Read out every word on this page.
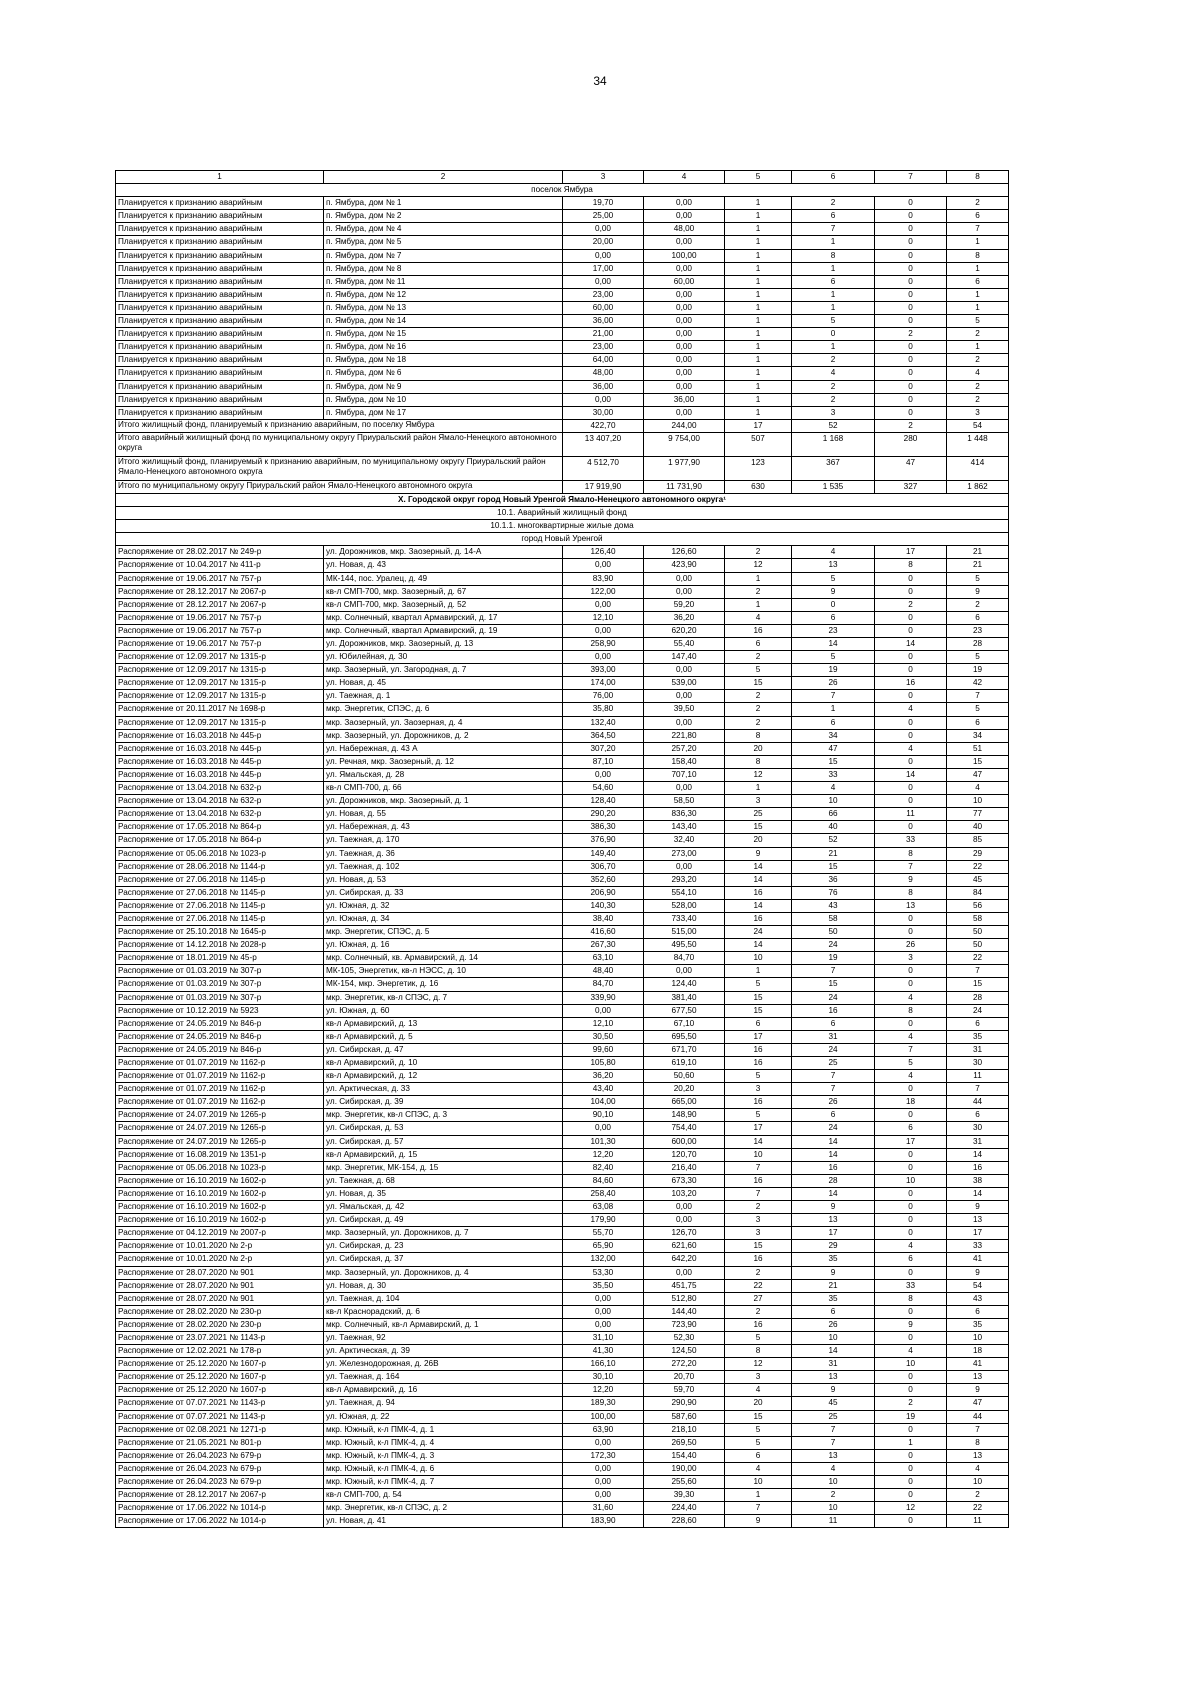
34
1	2	3	4	5	6	7	8
поселок Ямбура							
Планируется к признанию аварийным	п. Ямбура, дом № 1	19,70	0,00	1	2	0	2
Планируется к признанию аварийным	п. Ямбура, дом № 2	25,00	0,00	1	6	0	6
Планируется к признанию аварийным	п. Ямбура, дом № 4	0,00	48,00	1	7	0	7
Планируется к признанию аварийным	п. Ямбура, дом № 5	20,00	0,00	1	1	0	1
Планируется к признанию аварийным	п. Ямбура, дом № 7	0,00	100,00	1	8	0	8
Планируется к признанию аварийным	п. Ямбура, дом № 8	17,00	0,00	1	1	0	1
Планируется к признанию аварийным	п. Ямбура, дом № 11	0,00	60,00	1	6	0	6
Планируется к признанию аварийным	п. Ямбура, дом № 12	23,00	0,00	1	1	0	1
Планируется к признанию аварийным	п. Ямбура, дом № 13	60,00	0,00	1	1	0	1
Планируется к признанию аварийным	п. Ямбура, дом № 14	36,00	0,00	1	5	0	5
Планируется к признанию аварийным	п. Ямбура, дом № 15	21,00	0,00	1	0	2	2
Планируется к признанию аварийным	п. Ямбура, дом № 16	23,00	0,00	1	1	0	1
Планируется к признанию аварийным	п. Ямбура, дом № 18	64,00	0,00	1	2	0	2
Планируется к признанию аварийным	п. Ямбура, дом № 6	48,00	0,00	1	4	0	4
Планируется к признанию аварийным	п. Ямбура, дом № 9	36,00	0,00	1	2	0	2
Планируется к признанию аварийным	п. Ямбура, дом № 10	0,00	36,00	1	2	0	2
Планируется к признанию аварийным	п. Ямбура, дом № 17	30,00	0,00	1	3	0	3
Итого жилищный фонд, планируемый к признанию аварийным, по поселку Ямбура		422,70	244,00	17	52	2	54
Итого аварийный жилищный фонд по муниципальному округу Приуральский район Ямало-Ненецкого автономного округа		13 407,20	9 754,00	507	1 168	280	1 448
Итого жилищный фонд, планируемый к признанию аварийным, по муниципальному округу Приуральский район Ямало-Ненецкого автономного округа		4 512,70	1 977,90	123	367	47	414
Итого по муниципальному округу Приуральский район Ямало-Ненецкого автономного округа		17 919,90	11 731,90	630	1 535	327	1 862
X. Городской округ город Новый Уренгой Ямало-Ненецкого автономного округа¹							
10.1. Аварийный жилищный фонд							
10.1.1. многоквартирные жилые дома							
город Новый Уренгой							
Распоряжение от 28.02.2017 № 249-р	ул. Дорожников, мкр. Заозерный, д. 14-А	126,40	126,60	2	4	17	21
Распоряжение от 10.04.2017 № 411-р	ул. Новая, д. 43	0,00	423,90	12	13	8	21
Распоряжение от 19.06.2017 № 757-р	МК-144, пос. Уралец, д. 49	83,90	0,00	1	5	0	5
Распоряжение от 28.12.2017 № 2067-р	кв-л СМП-700, мкр. Заозерный, д. 67	122,00	0,00	2	9	0	9
Распоряжение от 28.12.2017 № 2067-р	кв-л СМП-700, мкр. Заозерный, д. 52	0,00	59,20	1	0	2	2
Распоряжение от 19.06.2017 № 757-р	мкр. Солнечный, квартал Армавирский, д. 17	12,10	36,20	4	6	0	6
Распоряжение от 19.06.2017 № 757-р	мкр. Солнечный, квартал Армавирский, д. 19	0,00	620,20	16	23	0	23
Распоряжение от 19.06.2017 № 757-р	ул. Дорожников, мкр. Заозерный, д. 13	258,90	55,40	6	14	14	28
Распоряжение от 12.09.2017 № 1315-р	ул. Юбилейная, д. 30	0,00	147,40	2	5	0	5
Распоряжение от 12.09.2017 № 1315-р	мкр. Заозерный, ул. Загородная, д. 7	393,00	0,00	5	19	0	19
Распоряжение от 12.09.2017 № 1315-р	ул. Новая, д. 45	174,00	539,00	15	26	16	42
Распоряжение от 12.09.2017 № 1315-р	ул. Таежная, д. 1	76,00	0,00	2	7	0	7
Распоряжение от 20.11.2017 № 1698-р	мкр. Энергетик, СПЭС, д. 6	35,80	39,50	2	1	4	5
Распоряжение от 12.09.2017 № 1315-р	мкр. Заозерный, ул. Заозерная, д. 4	132,40	0,00	2	6	0	6
Распоряжение от 16.03.2018 № 445-р	мкр. Заозерный, ул. Дорожников, д. 2	364,50	221,80	8	34	0	34
Распоряжение от 16.03.2018 № 445-р	ул. Набережная, д. 43 А	307,20	257,20	20	47	4	51
Распоряжение от 16.03.2018 № 445-р	ул. Речная, мкр. Заозерный, д. 12	87,10	158,40	8	15	0	15
Распоряжение от 16.03.2018 № 445-р	ул. Ямальская, д. 28	0,00	707,10	12	33	14	47
Распоряжение от 13.04.2018 № 632-р	кв-л СМП-700, д. 66	54,60	0,00	1	4	0	4
Распоряжение от 13.04.2018 № 632-р	ул. Дорожников, мкр. Заозерный, д. 1	128,40	58,50	3	10	0	10
Распоряжение от 13.04.2018 № 632-р	ул. Новая, д. 55	290,20	836,30	25	66	11	77
Распоряжение от 17.05.2018 № 864-р	ул. Набережная, д. 43	386,30	143,40	15	40	0	40
Распоряжение от 17.05.2018 № 864-р	ул. Таежная, д. 170	376,90	32,40	20	52	33	85
Распоряжение от 05.06.2018 № 1023-р	ул. Таежная, д. 36	149,40	273,00	9	21	8	29
Распоряжение от 28.06.2018 № 1144-р	ул. Таежная, д. 102	306,70	0,00	14	15	7	22
Распоряжение от 27.06.2018 № 1145-р	ул. Новая, д. 53	352,60	293,20	14	36	9	45
Распоряжение от 27.06.2018 № 1145-р	ул. Сибирская, д. 33	206,90	554,10	16	76	8	84
Распоряжение от 27.06.2018 № 1145-р	ул. Южная, д. 32	140,30	528,00	14	43	13	56
Распоряжение от 27.06.2018 № 1145-р	ул. Южная, д. 34	38,40	733,40	16	58	0	58
Распоряжение от 25.10.2018 № 1645-р	мкр. Энергетик, СПЭС, д. 5	416,60	515,00	24	50	0	50
Распоряжение от 14.12.2018 № 2028-р	ул. Южная, д. 16	267,30	495,50	14	24	26	50
Распоряжение от 18.01.2019 № 45-р	мкр. Солнечный, кв. Армавирский, д. 14	63,10	84,70	10	19	3	22
Распоряжение от 01.03.2019 № 307-р	МК-105, Энергетик, кв-л НЭСС, д. 10	48,40	0,00	1	7	0	7
Распоряжение от 01.03.2019 № 307-р	МК-154, мкр. Энергетик, д. 16	84,70	124,40	5	15	0	15
Распоряжение от 01.03.2019 № 307-р	мкр. Энергетик, кв-л СПЭС, д. 7	339,90	381,40	15	24	4	28
Распоряжение от 10.12.2019 № 5923	ул. Южная, д. 60	0,00	677,50	15	16	8	24
Распоряжение от 24.05.2019 № 846-р	кв-л Армавирский, д. 13	12,10	67,10	6	6	0	6
Распоряжение от 24.05.2019 № 846-р	кв-л Армавирский, д. 5	30,50	695,50	17	31	4	35
Распоряжение от 24.05.2019 № 846-р	ул. Сибирская, д. 47	99,60	671,70	16	24	7	31
Распоряжение от 01.07.2019 № 1162-р	кв-л Армавирский, д. 10	105,80	619,10	16	25	5	30
Распоряжение от 01.07.2019 № 1162-р	кв-л Армавирский, д. 12	36,20	50,60	5	7	4	11
Распоряжение от 01.07.2019 № 1162-р	ул. Арктическая, д. 33	43,40	20,20	3	7	0	7
Распоряжение от 01.07.2019 № 1162-р	ул. Сибирская, д. 39	104,00	665,00	16	26	18	44
Распоряжение от 24.07.2019 № 1265-р	мкр. Энергетик, кв-л СПЭС, д. 3	90,10	148,90	5	6	0	6
Распоряжение от 24.07.2019 № 1265-р	ул. Сибирская, д. 53	0,00	754,40	17	24	6	30
Распоряжение от 24.07.2019 № 1265-р	ул. Сибирская, д. 57	101,30	600,00	14	14	17	31
Распоряжение от 16.08.2019 № 1351-р	кв-л Армавирский, д. 15	12,20	120,70	10	14	0	14
Распоряжение от 05.06.2018 № 1023-р	мкр. Энергетик, МК-154, д. 15	82,40	216,40	7	16	0	16
Распоряжение от 16.10.2019 № 1602-р	ул. Таежная, д. 68	84,60	673,30	16	28	10	38
Распоряжение от 16.10.2019 № 1602-р	ул. Новая, д. 35	258,40	103,20	7	14	0	14
Распоряжение от 16.10.2019 № 1602-р	ул. Ямальская, д. 42	63,08	0,00	2	9	0	9
Распоряжение от 16.10.2019 № 1602-р	ул. Сибирская, д. 49	179,90	0,00	3	13	0	13
Распоряжение от 04.12.2019 № 2007-р	мкр. Заозерный, ул. Дорожников, д. 7	55,70	126,70	3	17	0	17
Распоряжение от 10.01.2020 № 2-р	ул. Сибирская, д. 23	65,90	621,60	15	29	4	33
Распоряжение от 10.01.2020 № 2-р	ул. Сибирская, д. 37	132,00	642,20	16	35	6	41
Распоряжение от 28.07.2020 № 901	мкр. Заозерный, ул. Дорожников, д. 4	53,30	0,00	2	9	0	9
Распоряжение от 28.07.2020 № 901	ул. Новая, д. 30	35,50	451,75	22	21	33	54
Распоряжение от 28.07.2020 № 901	ул. Таежная, д. 104	0,00	512,80	27	35	8	43
Распоряжение от 28.02.2020 № 230-р	кв-л Краснорадский, д. 6	0,00	144,40	2	6	0	6
Распоряжение от 28.02.2020 № 230-р	мкр. Солнечный, кв-л Армавирский, д. 1	0,00	723,90	16	26	9	35
Распоряжение от 23.07.2021 № 1143-р	ул. Таежная, 92	31,10	52,30	5	10	0	10
Распоряжение от 12.02.2021 № 178-р	ул. Арктическая, д. 39	41,30	124,50	8	14	4	18
Распоряжение от 25.12.2020 № 1607-р	ул. Железнодорожная, д. 26В	166,10	272,20	12	31	10	41
Распоряжение от 25.12.2020 № 1607-р	ул. Таежная, д. 164	30,10	20,70	3	13	0	13
Распоряжение от 25.12.2020 № 1607-р	кв-л Армавирский, д. 16	12,20	59,70	4	9	0	9
Распоряжение от 07.07.2021 № 1143-р	ул. Таежная, д. 94	189,30	290,90	20	45	2	47
Распоряжение от 07.07.2021 № 1143-р	ул. Южная, д. 22	100,00	587,60	15	25	19	44
Распоряжение от 02.08.2021 № 1271-р	мкр. Южный, к-л ПМК-4, д. 1	63,90	218,10	5	7	0	7
Распоряжение от 21.05.2021 № 801-р	мкр. Южный, к-л ПМК-4, д. 4	0,00	269,50	5	7	1	8
Распоряжение от 26.04.2023 № 679-р	мкр. Южный, к-л ПМК-4, д. 3	172,30	154,40	6	13	0	13
Распоряжение от 26.04.2023 № 679-р	мкр. Южный, к-л ПМК-4, д. 6	0,00	190,00	4	4	0	4
Распоряжение от 26.04.2023 № 679-р	мкр. Южный, к-л ПМК-4, д. 7	0,00	255,60	10	10	0	10
Распоряжение от 28.12.2017 № 2067-р	кв-л СМП-700, д. 54	0,00	39,30	1	2	0	2
Распоряжение от 17.06.2022 № 1014-р	мкр. Энергетик, кв-л СПЭС, д. 2	31,60	224,40	7	10	12	22
Распоряжение от 17.06.2022 № 1014-р	ул. Новая, д. 41	183,90	228,60	9	11	0	11
